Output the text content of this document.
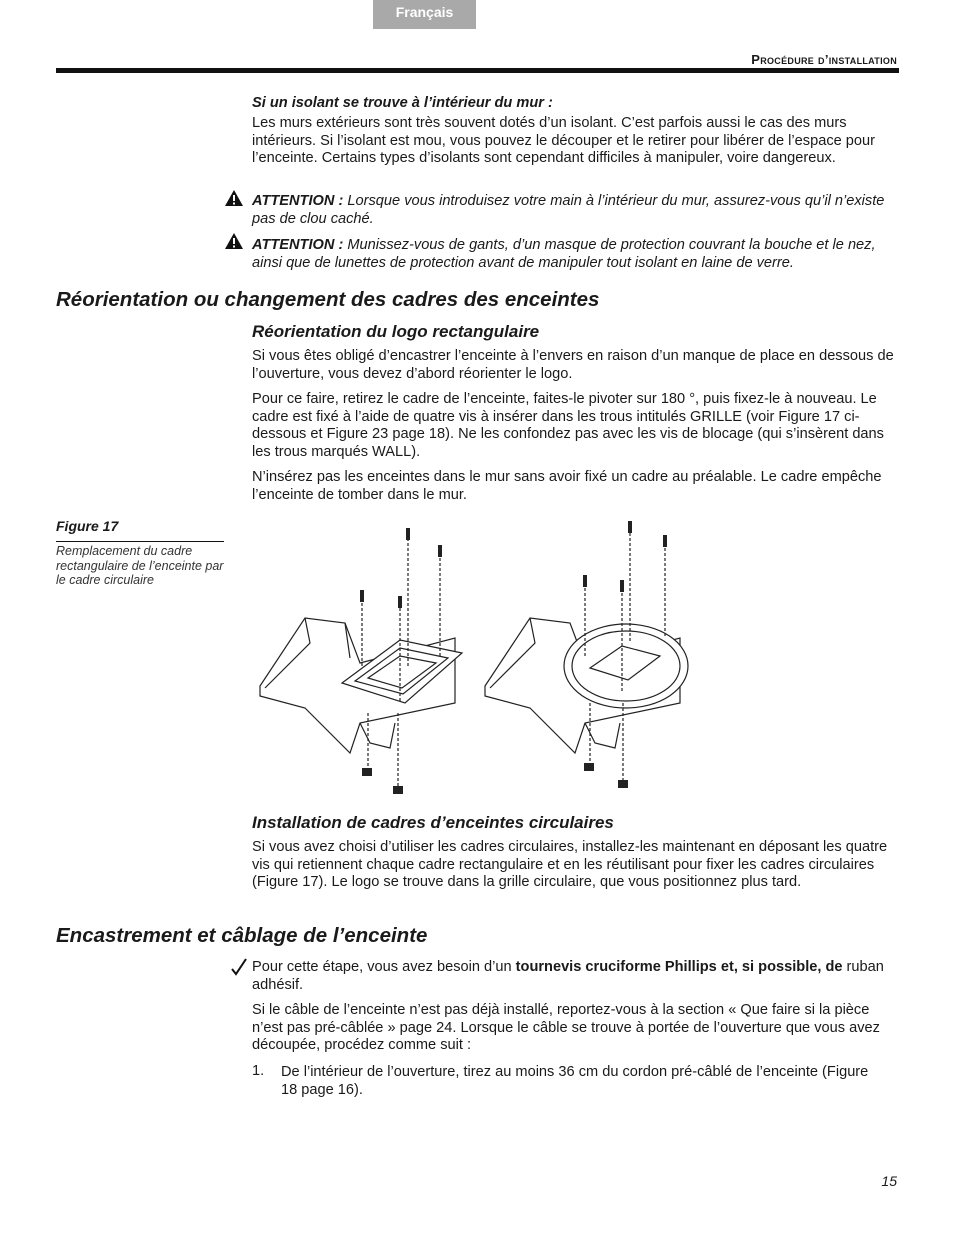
Français
Procédure d’installation
Si un isolant se trouve à l’intérieur du mur :

Les murs extérieurs sont très souvent dotés d’un isolant. C’est parfois aussi le cas des murs intérieurs. Si l’isolant est mou, vous pouvez le découper et le retirer pour libérer de l’espace pour l’enceinte. Certains types d’isolants sont cependant difficiles à manipuler, voire dangereux.

ATTENTION : Lorsque vous introduisez votre main à l’intérieur du mur, assurez-vous qu’il n’existe pas de clou caché.
ATTENTION : Munissez-vous de gants, d’un masque de protection couvrant la bouche et le nez, ainsi que de lunettes de protection avant de manipuler tout isolant en laine de verre.
Réorientation ou changement des cadres des enceintes
Réorientation du logo rectangulaire

Si vous êtes obligé d’encastrer l’enceinte à l’envers en raison d’un manque de place en dessous de l’ouverture, vous devez d’abord réorienter le logo.

Pour ce faire, retirez le cadre de l’enceinte, faites-le pivoter sur 180 °, puis fixez-le à nouveau. Le cadre est fixé à l’aide de quatre vis à insérer dans les trous intitulés GRILLE (voir Figure 17 ci-dessous et Figure 23 page 18). Ne les confondez pas avec les vis de blocage (qui s’insèrent dans les trous marqués WALL).

N’insérez pas les enceintes dans le mur sans avoir fixé un cadre au préalable. Le cadre empêche l’enceinte de tomber dans le mur.

Figure 17
Remplacement du cadre rectangulaire de l’enceinte par le cadre circulaire
Installation de cadres d’enceintes circulaires

Si vous avez choisi d’utiliser les cadres circulaires, installez-les maintenant en déposant les quatre vis qui retiennent chaque cadre rectangulaire et en les réutilisant pour fixer les cadres circulaires (Figure 17). Le logo se trouve dans la grille circulaire, que vous positionnez plus tard.

Encastrement et câblage de l’enceinte
Pour cette étape, vous avez besoin d’un tournevis cruciforme Phillips et, si possible, de ruban adhésif.

Si le câble de l’enceinte n’est pas déjà installé, reportez-vous à la section « Que faire si la pièce n’est pas pré-câblée » page 24. Lorsque le câble se trouve à portée de l’ouverture que vous avez découpée, procédez comme suit :

1. De l’intérieur de l’ouverture, tirez au moins 36 cm du cordon pré-câblé de l’enceinte (Figure 18 page 16).
15
